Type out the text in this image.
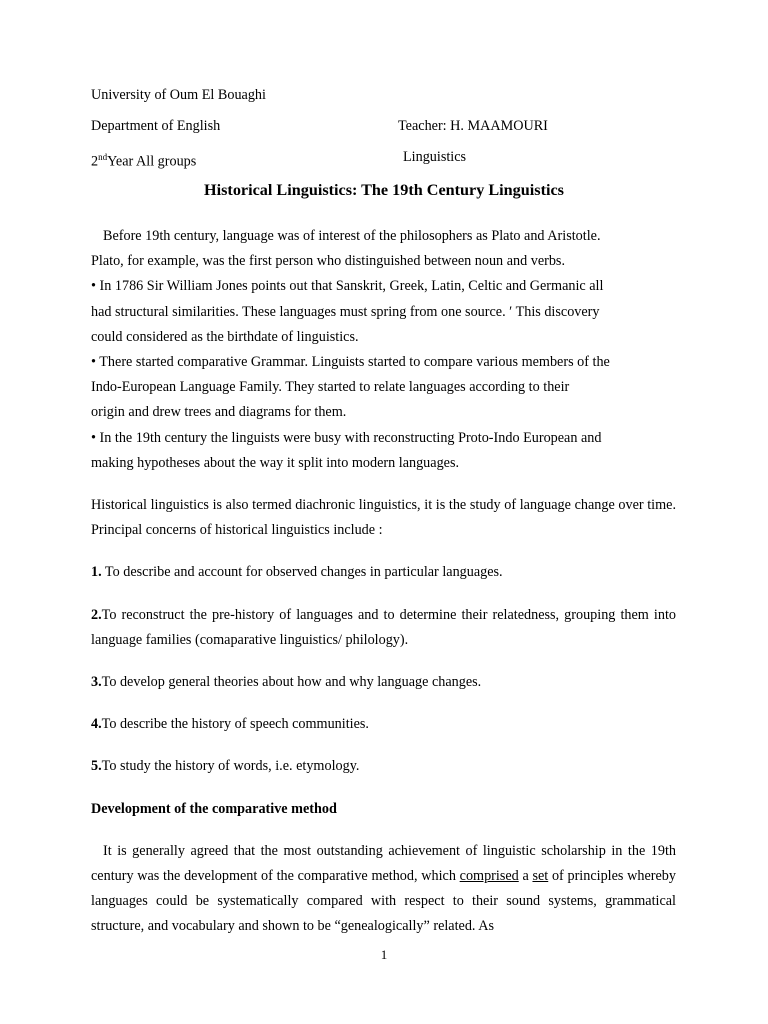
University of Oum El Bouaghi
Department of English
2ndYear All groups
Teacher: H. MAAMOURI
Linguistics
Historical Linguistics: The 19th Century Linguistics
Before 19th century, language was of interest of the philosophers as Plato and Aristotle.
Plato, for example, was the first person who distinguished between noun and verbs.
• In 1786 Sir William Jones points out that Sanskrit, Greek, Latin, Celtic and Germanic all
had structural similarities. These languages must spring from one source. ′ This discovery
could considered as the birthdate of linguistics.
• There started comparative Grammar. Linguists started to compare various members of the
Indo-European Language Family. They started to relate languages according to their
origin and drew trees and diagrams for them.
• In the 19th century the linguists were busy with reconstructing Proto-Indo European and
making hypotheses about the way it split into modern languages.
Historical linguistics is also termed diachronic linguistics, it is the study of language change over time. Principal concerns of historical linguistics include :
1. To describe and account for observed changes in particular languages.
2.To reconstruct the pre-history of languages and to determine their relatedness, grouping them into language families (comaparative linguistics/ philology).
3.To develop general theories about how and why language changes.
4.To describe the history of speech communities.
5.To study the history of words, i.e. etymology.
Development of the comparative method
It is generally agreed that the most outstanding achievement of linguistic scholarship in the 19th century was the development of the comparative method, which comprised a set of principles whereby languages could be systematically compared with respect to their sound systems, grammatical structure, and vocabulary and shown to be “genealogically” related. As
1
